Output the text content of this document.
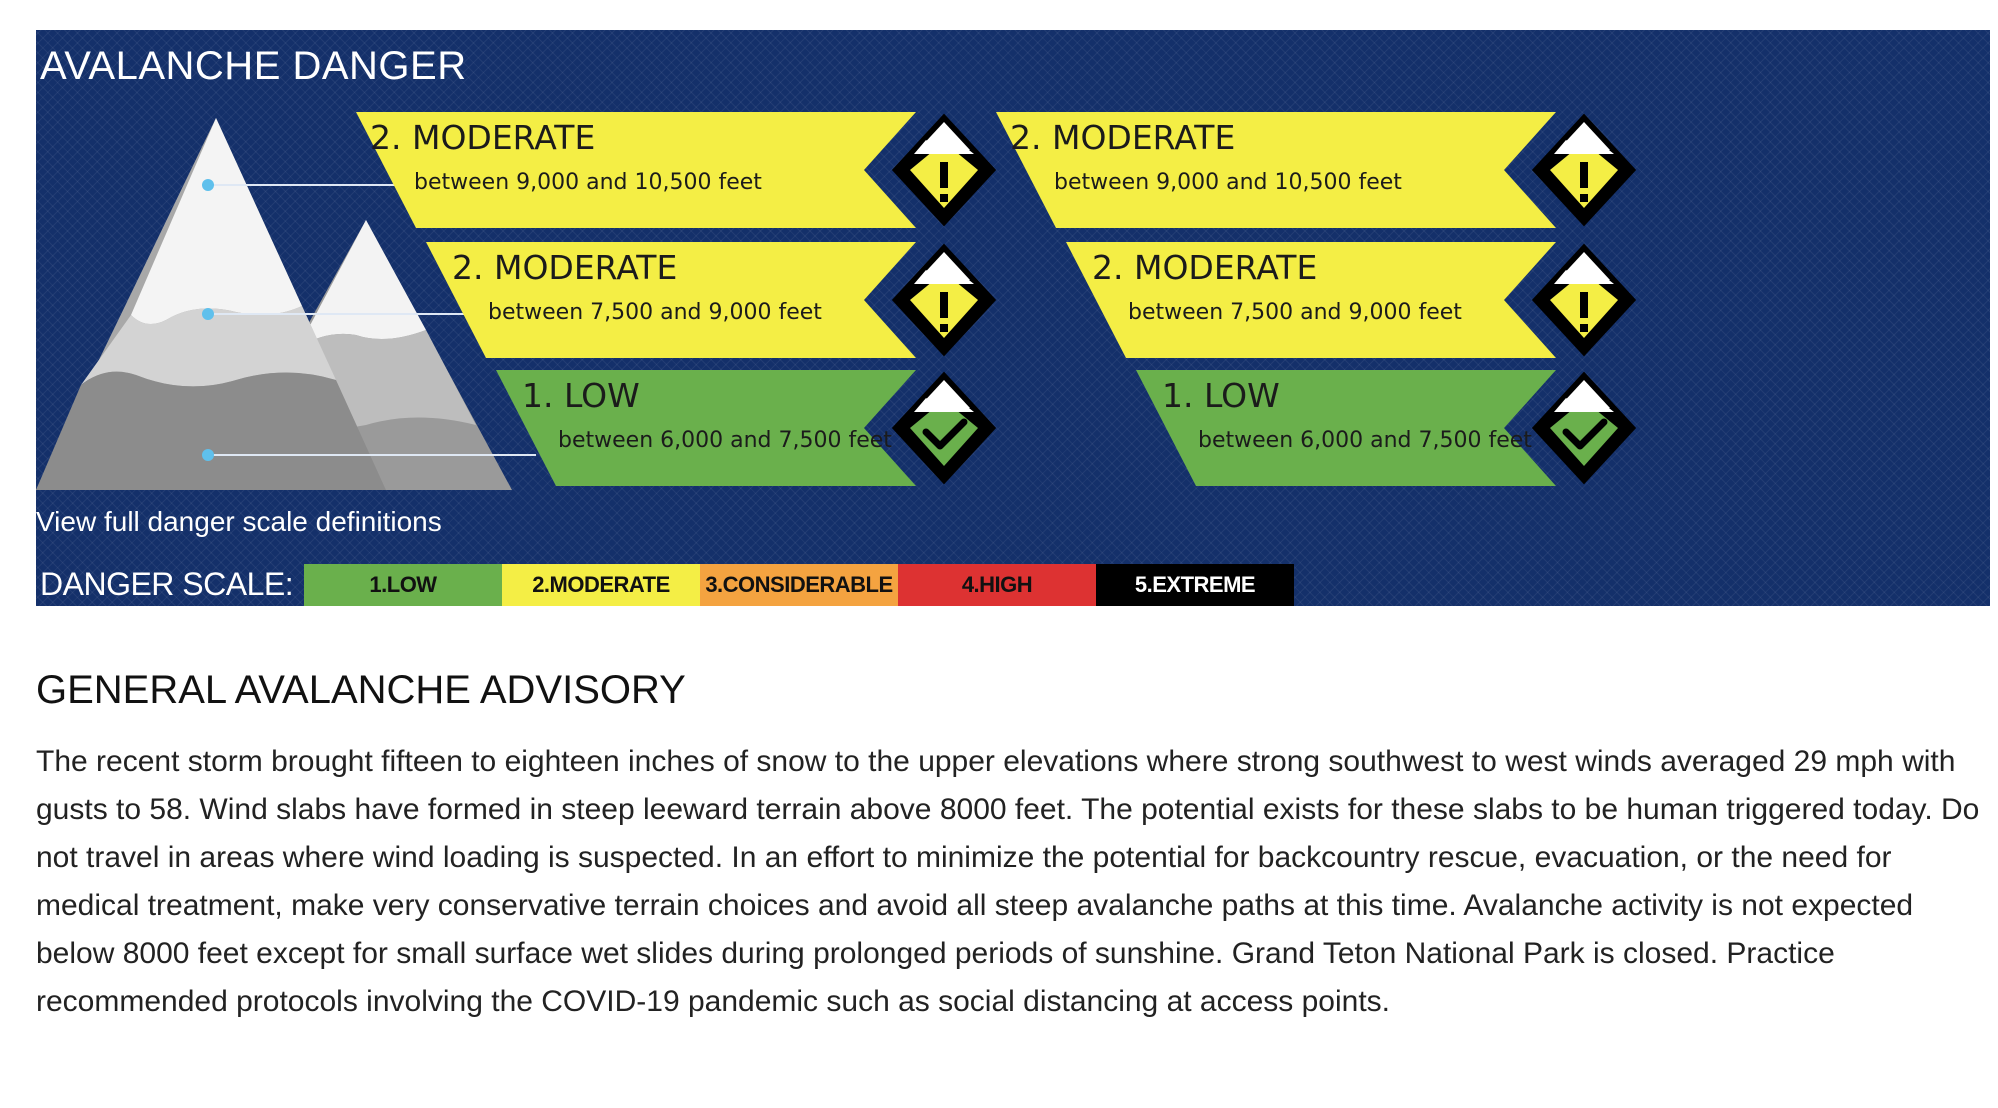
AVALANCHE DANGER
2. MODERATE
between 9,000 and 10,500 feet
2. MODERATE
between 7,500 and 9,000 feet
1. LOW
between 6,000 and 7,500 feet
2. MODERATE
between 9,000 and 10,500 feet
2. MODERATE
between 7,500 and 9,000 feet
1. LOW
between 6,000 and 7,500 feet
View full danger scale definitions
DANGER SCALE:	1.LOW	2.MODERATE	3.CONSIDERABLE	4.HIGH	5.EXTREME
GENERAL AVALANCHE ADVISORY

The recent storm brought fifteen to eighteen inches of snow to the upper elevations where strong southwest to west winds averaged 29 mph with gusts to 58. Wind slabs have formed in steep leeward terrain above 8000 feet. The potential exists for these slabs to be human triggered today. Do not travel in areas where wind loading is suspected. In an effort to minimize the potential for backcountry rescue, evacuation, or the need for medical treatment, make very conservative terrain choices and avoid all steep avalanche paths at this time. Avalanche activity is not expected below 8000 feet except for small surface wet slides during prolonged periods of sunshine. Grand Teton National Park is closed. Practice recommended protocols involving the COVID-19 pandemic such as social distancing at access points.
